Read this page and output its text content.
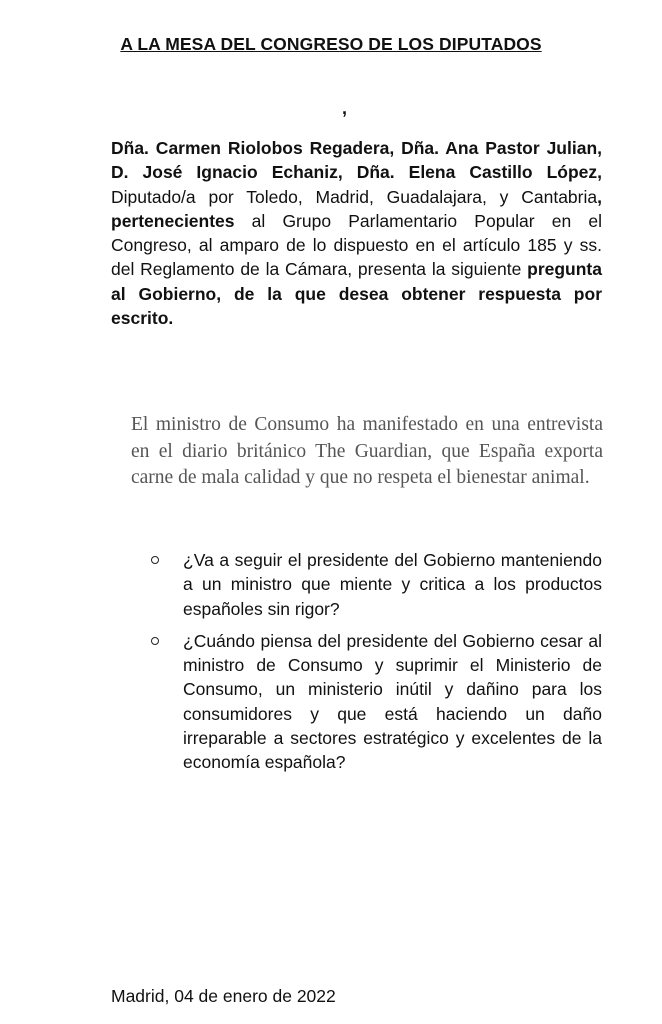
A LA MESA DEL CONGRESO DE LOS DIPUTADOS
,
Dña. Carmen Riolobos Regadera, Dña. Ana Pastor Julian, D. José Ignacio Echaniz, Dña. Elena Castillo López, Diputado/a por Toledo, Madrid, Guadalajara, y Cantabria, pertenecientes al Grupo Parlamentario Popular en el Congreso, al amparo de lo dispuesto en el artículo 185 y ss. del Reglamento de la Cámara, presenta la siguiente pregunta al Gobierno, de la que desea obtener respuesta por escrito.
El ministro de Consumo ha manifestado en una entrevista en el diario británico The Guardian, que España exporta carne de mala calidad y que no respeta el bienestar animal.
¿Va a seguir el presidente del Gobierno manteniendo a un ministro que miente y critica a los productos españoles sin rigor?
¿Cuándo piensa del presidente del Gobierno cesar al ministro de Consumo y suprimir el Ministerio de Consumo, un ministerio inútil y dañino para los consumidores y que está haciendo un daño irreparable a sectores estratégico y excelentes de la economía española?
Madrid, 04 de enero de 2022
